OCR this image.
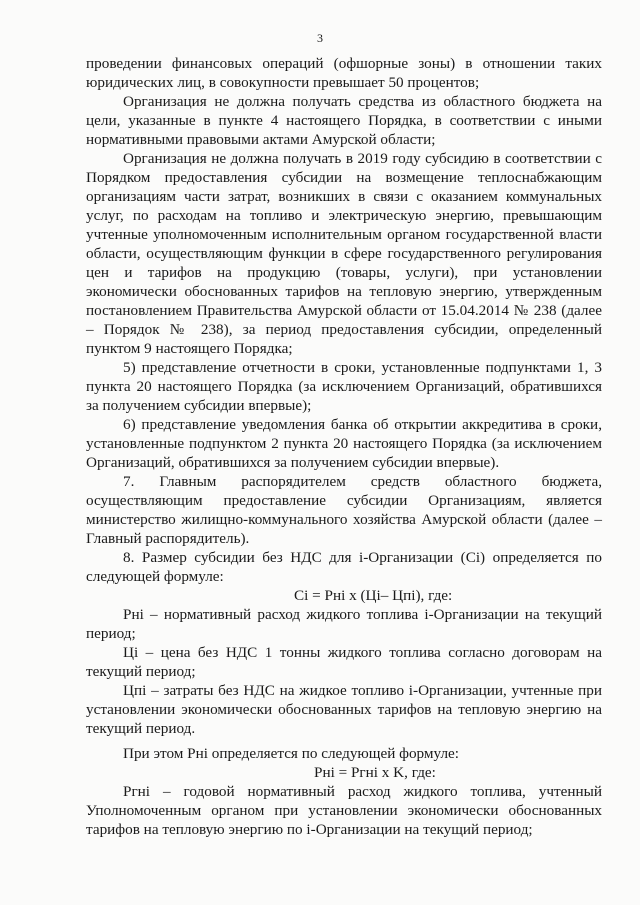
3

проведении финансовых операций (офшорные зоны) в отношении таких юридических лиц, в совокупности превышает 50 процентов;

Организация не должна получать средства из областного бюджета на цели, указанные в пункте 4 настоящего Порядка, в соответствии с иными нормативными правовыми актами Амурской области;

Организация не должна получать в 2019 году субсидию в соответствии с Порядком предоставления субсидии на возмещение теплоснабжающим организациям части затрат, возникших в связи с оказанием коммунальных услуг, по расходам на топливо и электрическую энергию, превышающим учтенные уполномоченным исполнительным органом государственной власти области, осуществляющим функции в сфере государственного регулирования цен и тарифов на продукцию (товары, услуги), при установлении экономически обоснованных тарифов на тепловую энергию, утвержденным постановлением Правительства Амурской области от 15.04.2014 № 238 (далее – Порядок № 238), за период предоставления субсидии, определенный пунктом 9 настоящего Порядка;

5) представление отчетности в сроки, установленные подпунктами 1, 3 пункта 20 настоящего Порядка (за исключением Организаций, обратившихся за получением субсидии впервые);

6) представление уведомления банка об открытии аккредитива в сроки, установленные подпунктом 2 пункта 20 настоящего Порядка (за исключением Организаций, обратившихся за получением субсидии впервые).

7. Главным распорядителем средств областного бюджета, осуществляющим предоставление субсидии Организациям, является министерство жилищно-коммунального хозяйства Амурской области (далее – Главный распорядитель).

8. Размер субсидии без НДС для i-Организации (Ci) определяется по следующей формуле:

Ci = Pнi x (Цi– Цпi), где:

Pнi – нормативный расход жидкого топлива i-Организации на текущий период;

Цi – цена без НДС 1 тонны жидкого топлива согласно договорам на текущий период;

Цпi – затраты без НДС на жидкое топливо i-Организации, учтенные при установлении экономически обоснованных тарифов на тепловую энергию на текущий период.

При этом Pнi определяется по следующей формуле:

Pнi = Pгнi x K, где:

Pгнi – годовой нормативный расход жидкого топлива, учтенный Уполномоченным органом при установлении экономически обоснованных тарифов на тепловую энергию по i-Организации на текущий период;
